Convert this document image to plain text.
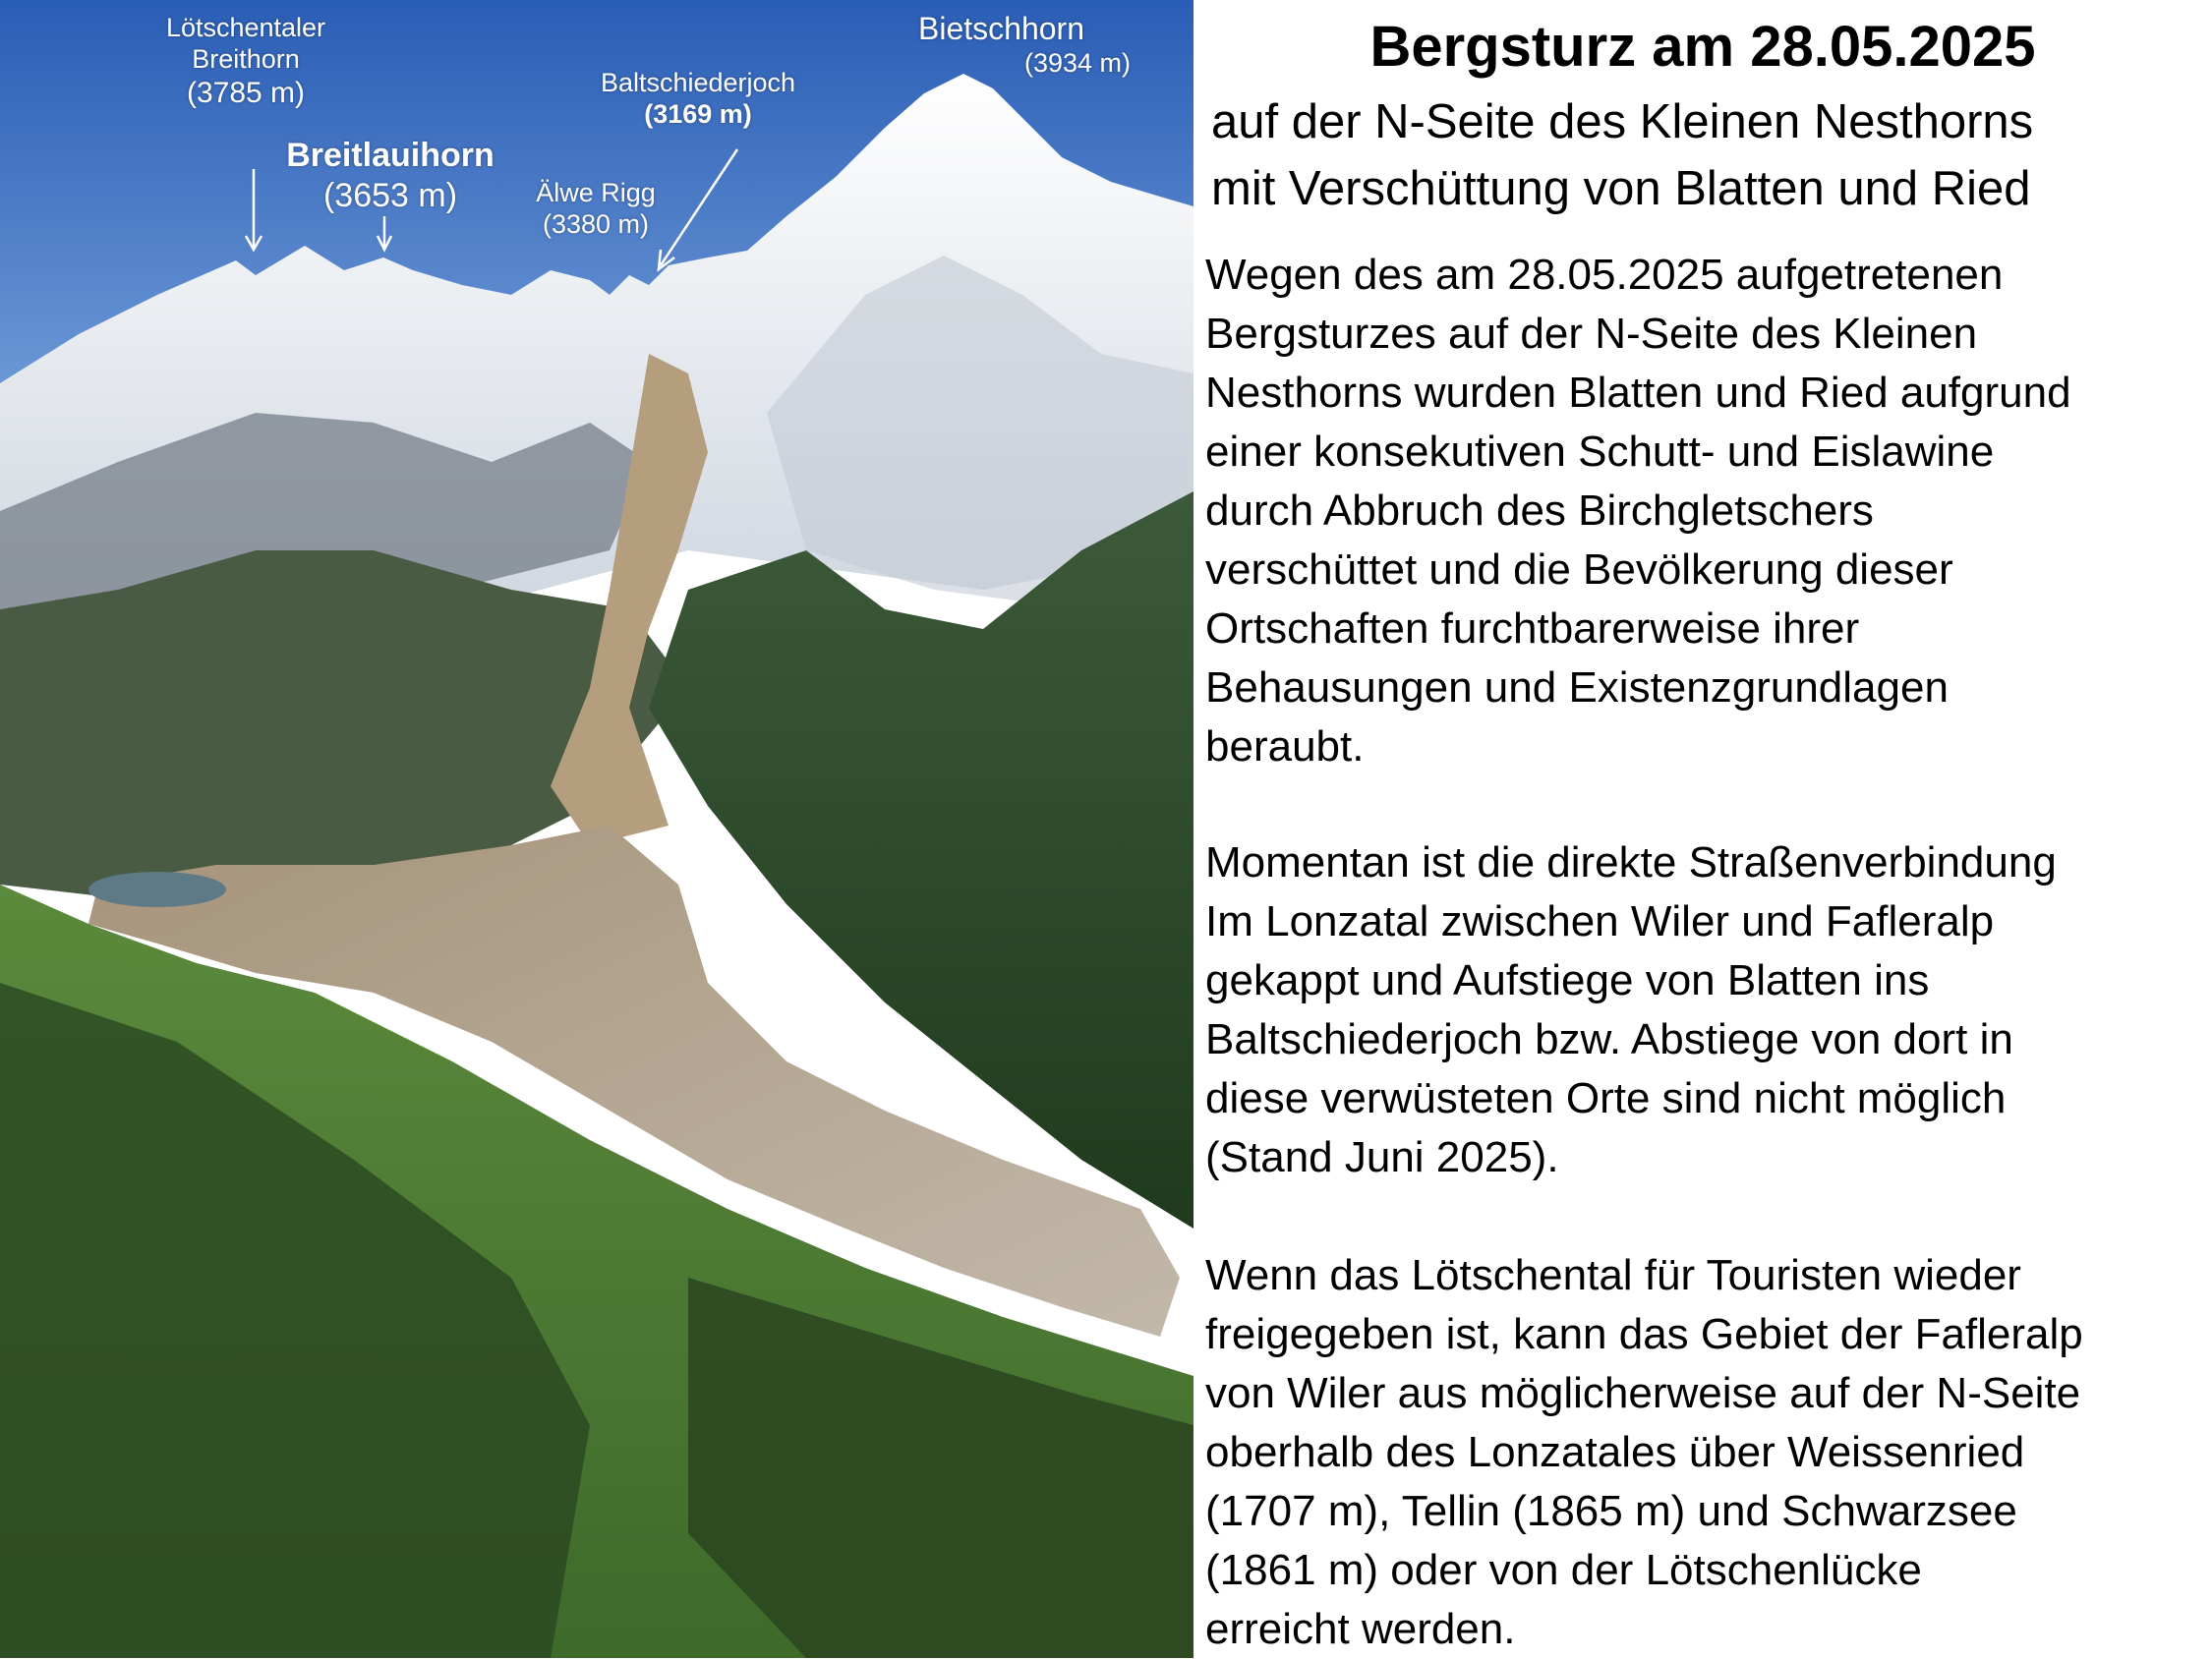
Lötschentaler
Breithorn
(3785 m)
Breitlauihorn
(3653 m)	Älwe Rigg
(3380 m)
Baltschiederjoch
(3169 m)
Bietschhorn
(3934 m)	Bergsturz am 28.05.2025
auf der N-Seite des Kleinen Nesthorns
mit Verschüttung von Blatten und Ried
Wegen des am 28.05.2025 aufgetretenen
Bergsturzes auf der N-Seite des Kleinen
Nesthorns wurden Blatten und Ried aufgrund
einer konsekutiven Schutt- und Eislawine
durch Abbruch des Birchgletschers
verschüttet und die Bevölkerung dieser
Ortschaften furchtbarerweise ihrer
Behausungen und Existenzgrundlagen
beraubt.
Momentan ist die direkte Straßenverbindung
Im Lonzatal zwischen Wiler und Fafleralp
gekappt und Aufstiege von Blatten ins
Baltschiederjoch bzw. Abstiege von dort in
diese verwüsteten Orte sind nicht möglich
(Stand Juni 2025).
Wenn das Lötschental für Touristen wieder
freigegeben ist, kann das Gebiet der Fafleralp
von Wiler aus möglicherweise auf der N-Seite
oberhalb des Lonzatales über Weissenried
(1707 m), Tellin (1865 m) und Schwarzsee
(1861 m) oder von der Lötschenlücke
erreicht werden.
